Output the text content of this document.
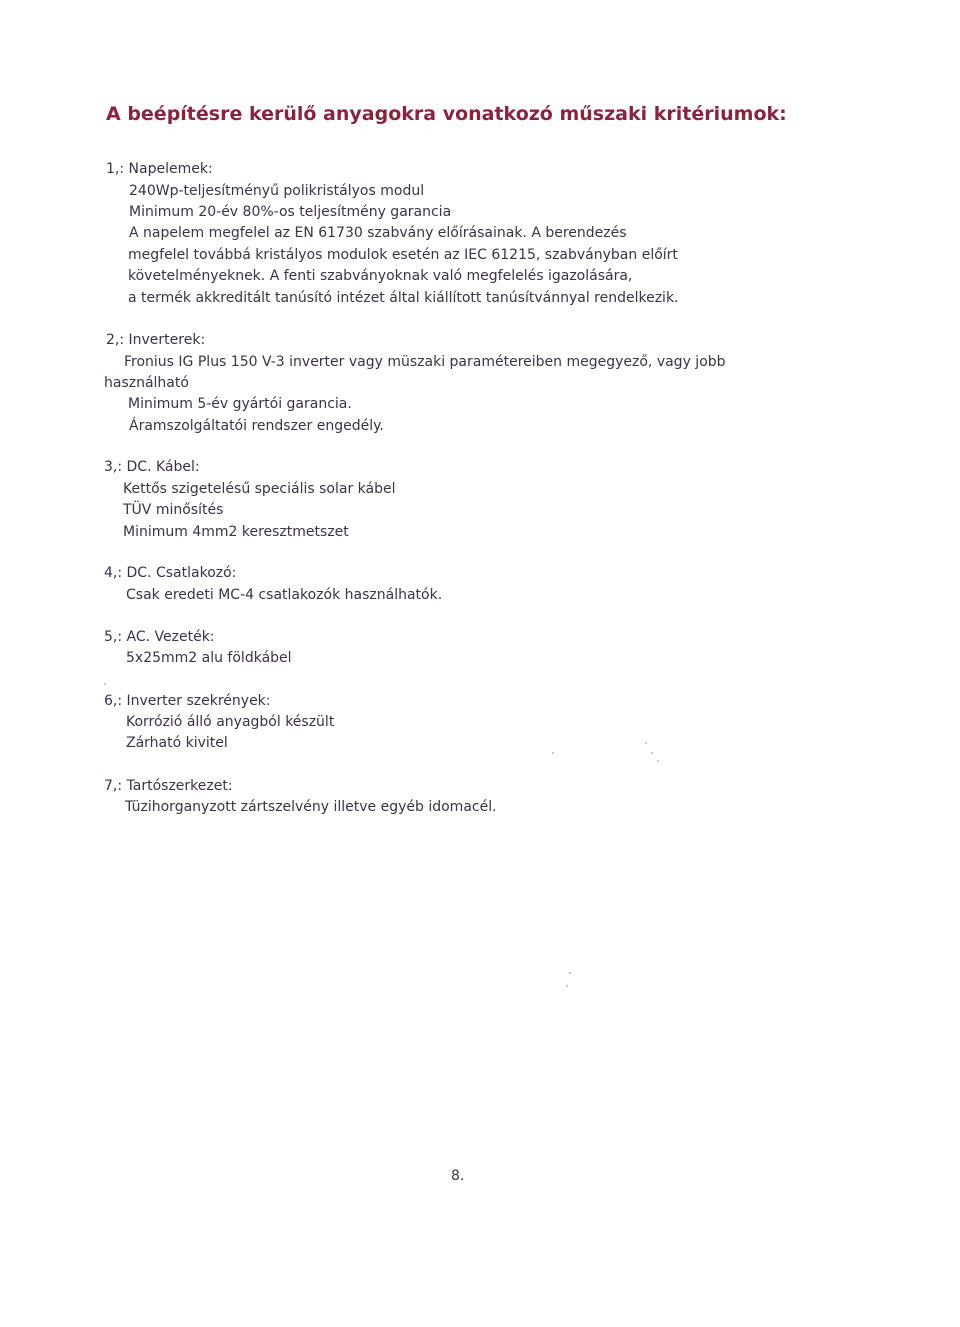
A beépítésre kerülő anyagokra vonatkozó műszaki kritériumok:
1,: Napelemek:
240Wp-teljesítményű polikristályos modul
Minimum 20-év 80%-os teljesítmény garancia
A napelem megfelel az EN 61730 szabvány előírásainak. A berendezés
megfelel továbbá kristályos modulok esetén az IEC 61215, szabványban előírt
követelményeknek. A fenti szabványoknak való megfelelés igazolására,
a termék akkreditált tanúsító intézet által kiállított tanúsítvánnyal rendelkezik.
2,: Inverterek:
Fronius IG Plus 150 V-3 inverter vagy müszaki paramétereiben megegyező, vagy jobb
használható
Minimum 5-év gyártói garancia.
Áramszolgáltatói rendszer engedély.
3,: DC. Kábel:
Kettős szigetelésű speciális solar kábel
TÜV minősítés
Minimum 4mm2 keresztmetszet
4,: DC. Csatlakozó:
Csak eredeti MC-4 csatlakozók használhatók.
5,: AC. Vezeték:
5x25mm2 alu földkábel
6,: Inverter szekrények:
Korrózió álló anyagból készült
Zárható kivitel
7,: Tartószerkezet:
Tüzihorganyzott zártszelvény illetve egyéb idomacél.
8.
